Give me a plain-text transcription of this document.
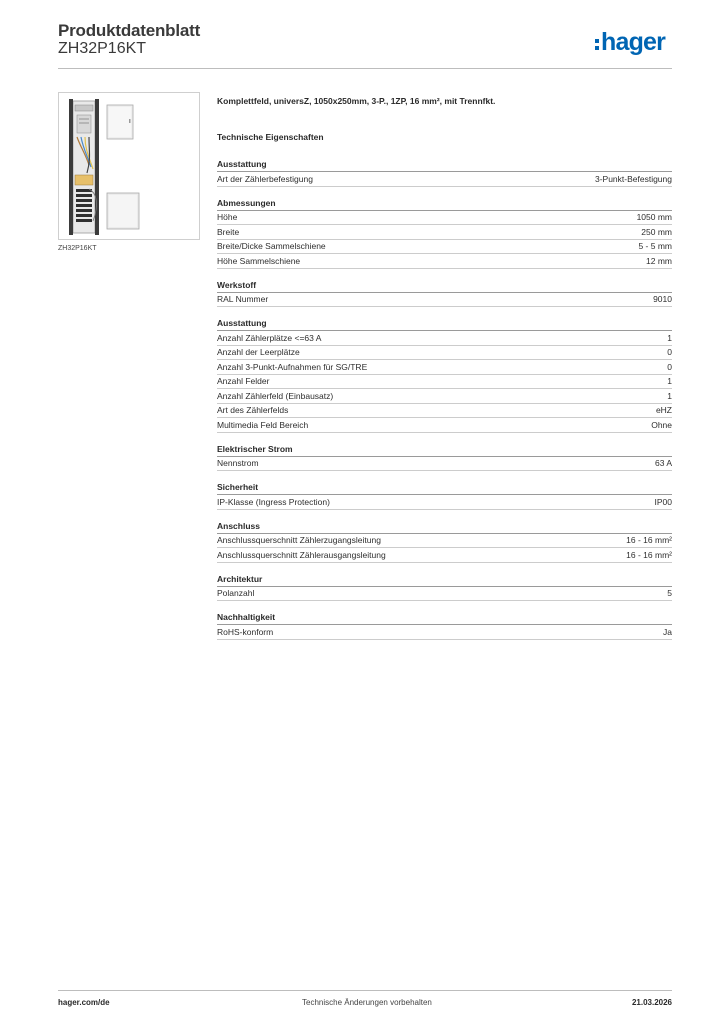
Produktdatenblatt
ZH32P16KT	hager
ZH32P16KT
Komplettfeld, universZ, 1050x250mm, 3-P., 1ZP, 16 mm², mit Trennfkt.
Technische Eigenschaften
Ausstattung
Art der Zählerbefestigung	3-Punkt-Befestigung
Abmessungen
Höhe	1050 mm
Breite	250 mm
Breite/Dicke Sammelschiene	5 - 5 mm
Höhe Sammelschiene	12 mm
Werkstoff
RAL Nummer	9010
Ausstattung
Anzahl Zählerplätze <=63 A	1
Anzahl der Leerplätze	0
Anzahl 3-Punkt-Aufnahmen für SG/TRE	0
Anzahl Felder	1
Anzahl Zählerfeld (Einbausatz)	1
Art des Zählerfelds	eHZ
Multimedia Feld Bereich	Ohne
Elektrischer Strom
Nennstrom	63 A
Sicherheit
IP-Klasse (Ingress Protection)	IP00
Anschluss
Anschlussquerschnitt Zählerzugangsleitung	16 - 16 mm²
Anschlussquerschnitt Zählerausgangsleitung	16 - 16 mm²
Architektur
Polanzahl	5
Nachhaltigkeit
RoHS-konform	Ja
hager.com/de	Technische Änderungen vorbehalten	21.03.2026
